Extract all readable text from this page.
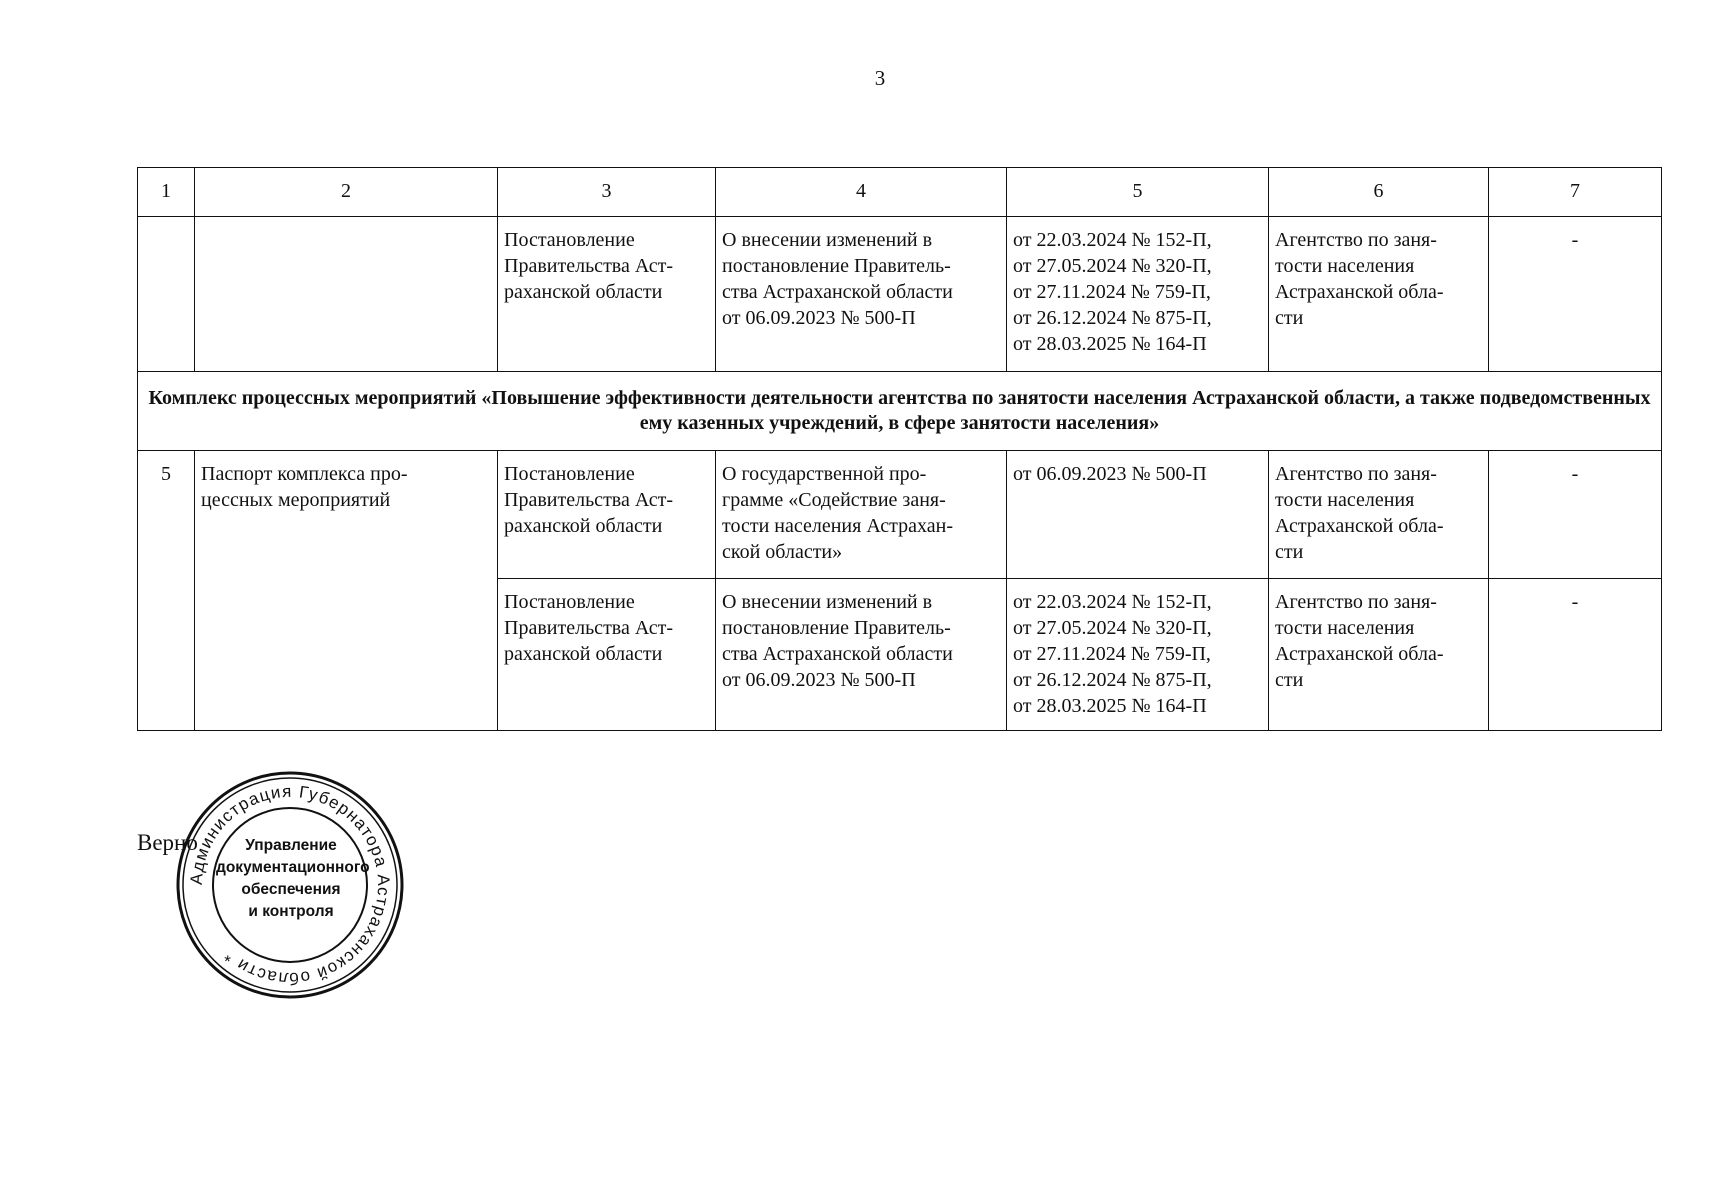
3
1	2	3	4	5	6	7

		Постановление
Правительства Аст-
раханской области	О внесении изменений в
постановление Правитель-
ства Астраханской области
от 06.09.2023 № 500-П	от 22.03.2024 № 152-П,
от 27.05.2024 № 320-П,
от 27.11.2024 № 759-П,
от 26.12.2024 № 875-П,
от 28.03.2025 № 164-П	Агентство по заня-
тости населения
Астраханской обла-
сти	-
Комплекс процессных мероприятий «Повышение эффективности деятельности агентства по занятости населения Астраханской области, а также подведомственных ему казенных учреждений, в сфере занятости населения»						
5	Паспорт комплекса про-
цессных мероприятий	Постановление
Правительства Аст-
раханской области	О государственной про-
грамме «Содействие заня-
тости населения Астрахан-
ской области»	от 06.09.2023 № 500-П	Агентство по заня-
тости населения
Астраханской обла-
сти	-

		Постановление
Правительства Аст-
раханской области	О внесении изменений в
постановление Правитель-
ства Астраханской области
от 06.09.2023 № 500-П	от 22.03.2024 № 152-П,
от 27.05.2024 № 320-П,
от 27.11.2024 № 759-П,
от 26.12.2024 № 875-П,
от 28.03.2025 № 164-П	Агентство по заня-
тости населения
Астраханской обла-
сти	-
Верно
Администрация Губернатора Астраханской области *
Управление
документационного
обеспечения
и контроля
